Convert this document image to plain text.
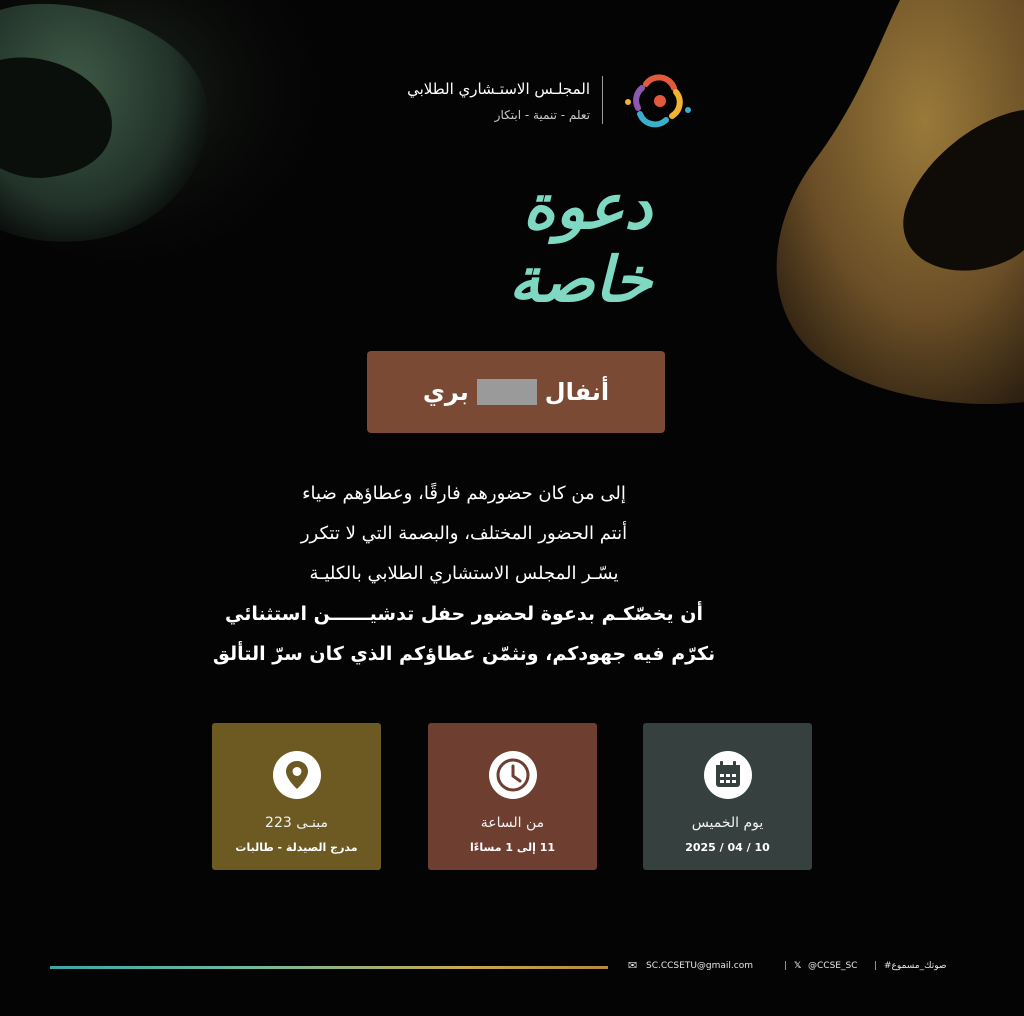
المجلـس الاستـشاري الطلابي
تعلم - تنمية - ابتكار
دعوة خاصة
أنفال
بري
إلى من كان حضورهم فارقًا، وعطاؤهم ضياء
أنتم الحضور المختلف، والبصمة التي لا تتكرر
يسّـر المجلس الاستشاري الطلابي بالكليـة
أن يخصّكـم بدعوة لحضور حفل تدشيــــــن استثنائي
نكرّم فيه جهودكم، ونثمّن عطاؤكم الذي كان سرّ التألق
مبنـى 223
مدرج الصيدلة - طالبات
من الساعة
11 إلى 1 مساءًا
يوم الخميس
10 / 04 / 2025
✉ SC.CCSETU@gmail.com	| 𝕏 @CCSE_SC | #صوتك_مسموع
